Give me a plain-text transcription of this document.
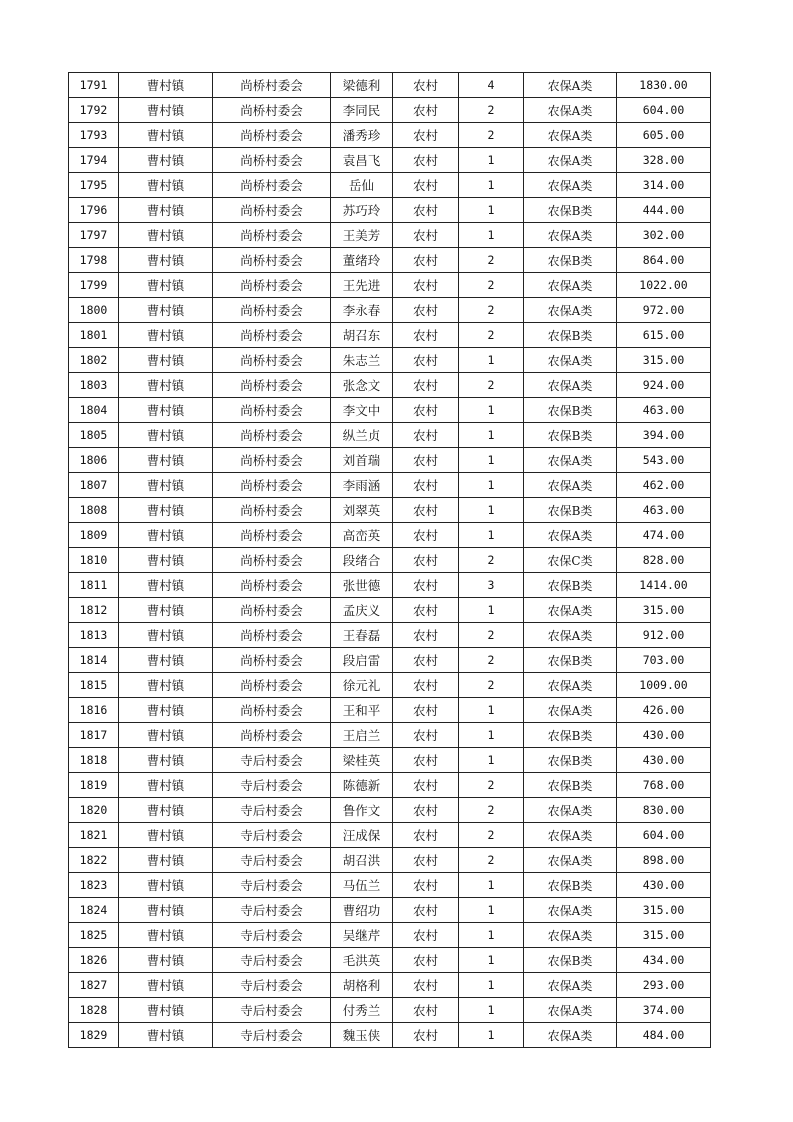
1791	曹村镇	尚桥村委会	梁德利	农村	4	农保A类	1830.00
1792	曹村镇	尚桥村委会	李同民	农村	2	农保A类	604.00
1793	曹村镇	尚桥村委会	潘秀珍	农村	2	农保A类	605.00
1794	曹村镇	尚桥村委会	袁昌飞	农村	1	农保A类	328.00
1795	曹村镇	尚桥村委会	岳仙	农村	1	农保A类	314.00
1796	曹村镇	尚桥村委会	苏巧玲	农村	1	农保B类	444.00
1797	曹村镇	尚桥村委会	王美芳	农村	1	农保A类	302.00
1798	曹村镇	尚桥村委会	董绪玲	农村	2	农保B类	864.00
1799	曹村镇	尚桥村委会	王先进	农村	2	农保A类	1022.00
1800	曹村镇	尚桥村委会	李永春	农村	2	农保A类	972.00
1801	曹村镇	尚桥村委会	胡召东	农村	2	农保B类	615.00
1802	曹村镇	尚桥村委会	朱志兰	农村	1	农保A类	315.00
1803	曹村镇	尚桥村委会	张念文	农村	2	农保A类	924.00
1804	曹村镇	尚桥村委会	李文中	农村	1	农保B类	463.00
1805	曹村镇	尚桥村委会	纵兰贞	农村	1	农保B类	394.00
1806	曹村镇	尚桥村委会	刘首瑞	农村	1	农保A类	543.00
1807	曹村镇	尚桥村委会	李雨涵	农村	1	农保A类	462.00
1808	曹村镇	尚桥村委会	刘翠英	农村	1	农保B类	463.00
1809	曹村镇	尚桥村委会	高峦英	农村	1	农保A类	474.00
1810	曹村镇	尚桥村委会	段绪合	农村	2	农保C类	828.00
1811	曹村镇	尚桥村委会	张世德	农村	3	农保B类	1414.00
1812	曹村镇	尚桥村委会	孟庆义	农村	1	农保A类	315.00
1813	曹村镇	尚桥村委会	王春磊	农村	2	农保A类	912.00
1814	曹村镇	尚桥村委会	段启雷	农村	2	农保B类	703.00
1815	曹村镇	尚桥村委会	徐元礼	农村	2	农保A类	1009.00
1816	曹村镇	尚桥村委会	王和平	农村	1	农保A类	426.00
1817	曹村镇	尚桥村委会	王启兰	农村	1	农保B类	430.00
1818	曹村镇	寺后村委会	梁桂英	农村	1	农保B类	430.00
1819	曹村镇	寺后村委会	陈德新	农村	2	农保B类	768.00
1820	曹村镇	寺后村委会	鲁作文	农村	2	农保A类	830.00
1821	曹村镇	寺后村委会	汪成保	农村	2	农保A类	604.00
1822	曹村镇	寺后村委会	胡召洪	农村	2	农保A类	898.00
1823	曹村镇	寺后村委会	马伍兰	农村	1	农保B类	430.00
1824	曹村镇	寺后村委会	曹绍功	农村	1	农保A类	315.00
1825	曹村镇	寺后村委会	吴继芹	农村	1	农保A类	315.00
1826	曹村镇	寺后村委会	毛洪英	农村	1	农保B类	434.00
1827	曹村镇	寺后村委会	胡格利	农村	1	农保A类	293.00
1828	曹村镇	寺后村委会	付秀兰	农村	1	农保A类	374.00
1829	曹村镇	寺后村委会	魏玉侠	农村	1	农保A类	484.00
